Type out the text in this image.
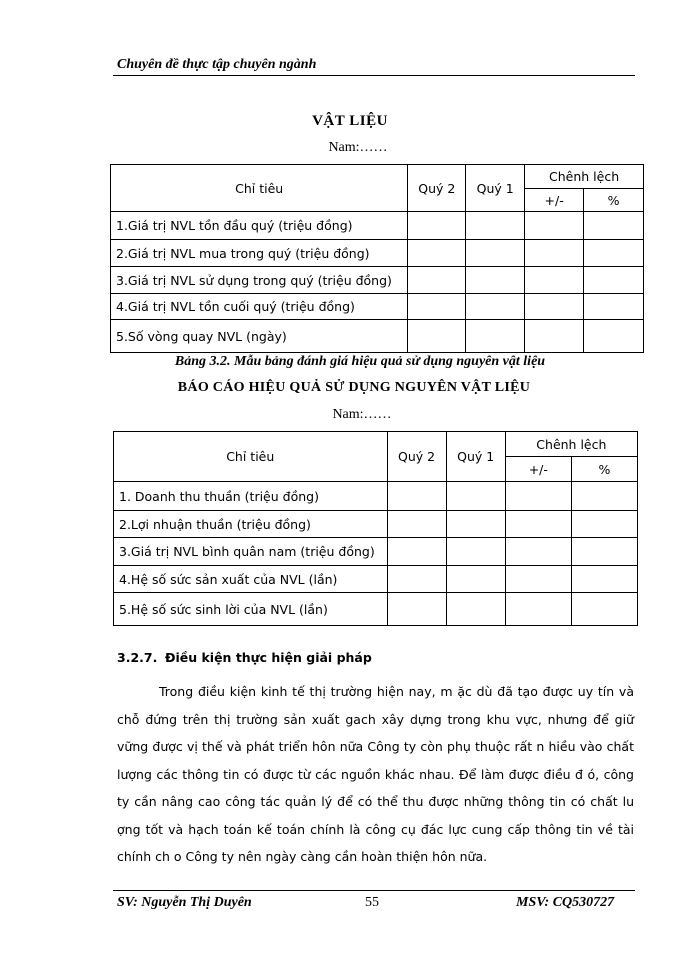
Chuyên đề thực tập chuyên ngành
VẬT LIỆU
Nam:……
Chỉ tiêu	Quý 2	Quý 1	Chênh lệch	
			+/-	%
1.Giá trị NVL tồn đầu quý (triệu đồng)				
2.Giá trị NVL mua trong quý (triệu đồng)				
3.Giá trị NVL sử dụng trong quý (triệu đồng)				
4.Giá trị NVL tồn cuối quý (triệu đồng)				
5.Số vòng quay NVL (ngày)				
Bảng 3.2. Mẫu bảng đánh giá hiệu quả sử dụng nguyên vật liệu
BÁO CÁO HIỆU QUẢ SỬ DỤNG NGUYÊN VẬT LIỆU
Nam:……
Chỉ tiêu	Quý 2	Quý 1	Chênh lệch	
			+/-	%
1. Doanh thu thuần (triệu đồng)				
2.Lợi nhuận thuần (triệu đồng)				
3.Giá trị NVL bình quân nam (triệu đồng)				
4.Hệ số sức sản xuất của NVL (lần)				
5.Hệ số sức sinh lời của NVL (lần)				
3.2.7. Điều kiện thực hiện giải pháp
Trong điều kiện kinh tế thị trường hiện nay, m ặc dù đã tạo được uy tín và chỗ đứng trên thị trường sản xuất gach xây dựng trong khu vực, nhưng để giữ vững được vị thế và phát triển hôn nữa Công ty còn phụ thuộc rất n hiều vào chất lượng các thông tin có được từ các nguồn khác nhau. Để làm được điều đ ó, công ty cần nâng cao công tác quản lý để có thể thu được những thông tin có chất lu ợng tốt và hạch toán kế toán chính là công cụ đác lực cung cấp thông tin về tài chính ch o Công ty nên ngày càng cần hoàn thiện hôn nữa.
SV: Nguyễn Thị Duyên	55	MSV: CQ530727
